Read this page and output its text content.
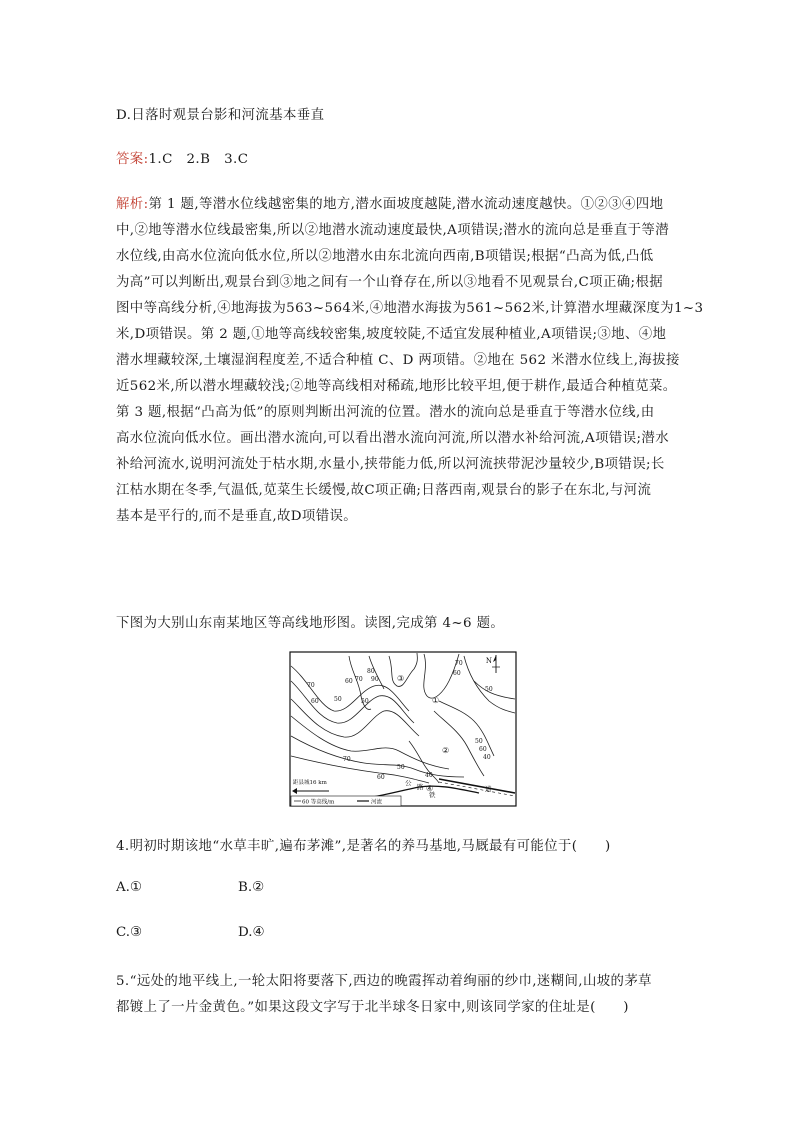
D.日落时观景台影和河流基本垂直
答案:1.C　2.B　3.C
解析:第 1 题,等潜水位线越密集的地方,潜水面坡度越陡,潜水流动速度越快。①②③④四地
中,②地等潜水位线最密集,所以②地潜水流动速度最快,A项错误;潜水的流向总是垂直于等潜
水位线,由高水位流向低水位,所以②地潜水由东北流向西南,B项错误;根据“凸高为低,凸低
为高”可以判断出,观景台到③地之间有一个山脊存在,所以③地看不见观景台,C项正确;根据
图中等高线分析,④地海拔为563~564米,④地潜水海拔为561~562米,计算潜水埋藏深度为1~3
米,D项错误。第 2 题,①地等高线较密集,坡度较陡,不适宜发展种植业,A项错误;③地、④地
潜水埋藏较深,土壤湿润程度差,不适合种植 C、D 两项错。②地在 562 米潜水位线上,海拔接
近562米,所以潜水埋藏较浅;②地等高线相对稀疏,地形比较平坦,便于耕作,最适合种植苋菜。
第 3 题,根据“凸高为低”的原则判断出河流的位置。潜水的流向总是垂直于等潜水位线,由
高水位流向低水位。画出潜水流向,可以看出潜水流向河流,所以潜水补给河流,A项错误;潜水
补给河流水,说明河流处于枯水期,水量小,挟带能力低,所以河流挟带泥沙量较少,B项错误;长
江枯水期在冬季,气温低,苋菜生长缓慢,故C项正确;日落西南,观景台的影子在东北,与河流
基本是平行的,而不是垂直,故D项错误。
下图为大别山东南某地区等高线地形图。读图,完成第 4~6 题。
N
③
①
②
④
70
60	50
80
70 90
60
50
70
60
50
50
60
40
70
50
60	40
公 路	道
铁
距县城16 km
60 等高线/m	河流
4.明初时期该地“水草丰旷,遍布茅滩”,是著名的养马基地,马厩最有可能位于(　　)
A.①	B.②
C.③	D.④
5.“远处的地平线上,一轮太阳将要落下,西边的晚霞挥动着绚丽的纱巾,迷糊间,山坡的茅草
都镀上了一片金黄色。”如果这段文字写于北半球冬日家中,则该同学家的住址是(　　)
